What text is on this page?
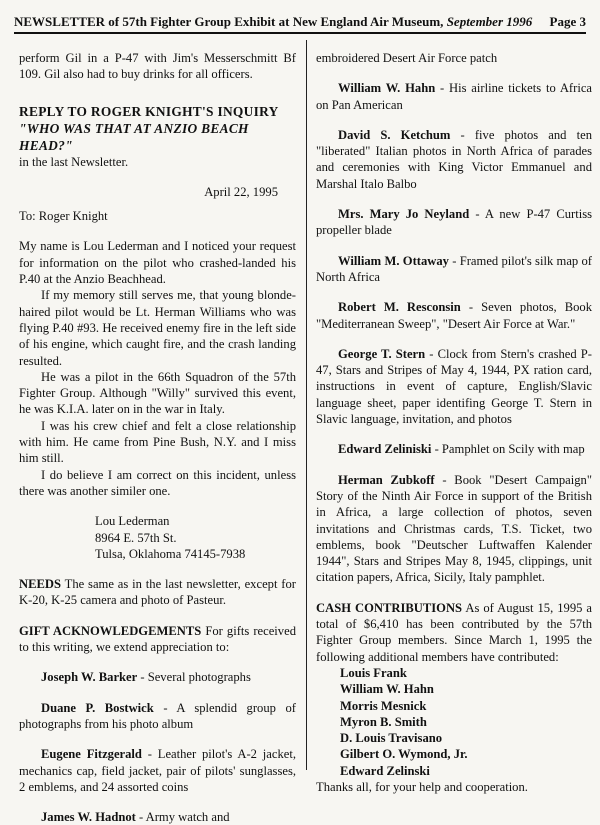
NEWSLETTER of 57th Fighter Group Exhibit at New England Air Museum, September 1996 Page 3

perform Gil in a P-47 with Jim's Messerschmitt Bf 109. Gil also had to buy drinks for all officers.

REPLY TO ROGER KNIGHT'S INQUIRY

"WHO WAS THAT AT ANZIO BEACH HEAD?"

in the last Newsletter.

April 22, 1995

To: Roger Knight

My name is Lou Lederman and I noticed your request for information on the pilot who crashed-landed his P.40 at the Anzio Beachhead.

If my memory still serves me, that young blonde-haired pilot would be Lt. Herman Williams who was flying P.40 #93. He received enemy fire in the left side of his engine, which caught fire, and the crash landing resulted.

He was a pilot in the 66th Squadron of the 57th Fighter Group. Although "Willy" survived this event, he was K.I.A. later on in the war in Italy.

I was his crew chief and felt a close relationship with him. He came from Pine Bush, N.Y. and I miss him still.

I do believe I am correct on this incident, unless there was another similer one.

Lou Lederman

8964 E. 57th St.

Tulsa, Oklahoma 74145-7938

NEEDS The same as in the last newsletter, except for K-20, K-25 camera and photo of Pasteur.

GIFT ACKNOWLEDGEMENTS For gifts received to this writing, we extend appreciation to:

Joseph W. Barker - Several photographs

Duane P. Bostwick - A splendid group of photographs from his photo album

Eugene Fitzgerald - Leather pilot's A-2 jacket, mechanics cap, field jacket, pair of pilots' sunglasses, 2 emblems, and 24 assorted coins

James W. Hadnot - Army watch and

embroidered Desert Air Force patch

William W. Hahn - His airline tickets to Africa on Pan American

David S. Ketchum - five photos and ten "liberated" Italian photos in North Africa of parades and ceremonies with King Victor Emmanuel and Marshal Italo Balbo

Mrs. Mary Jo Neyland - A new P-47 Curtiss propeller blade

William M. Ottaway - Framed pilot's silk map of North Africa

Robert M. Resconsin - Seven photos, Book "Mediterranean Sweep", "Desert Air Force at War."

George T. Stern - Clock from Stern's crashed P-47, Stars and Stripes of May 4, 1944, PX ration card, instructions in event of capture, English/Slavic language sheet, paper identifing George T. Stern in Slavic language, invitation, and photos

Edward Zeliniski - Pamphlet on Scily with map

Herman Zubkoff - Book "Desert Campaign" Story of the Ninth Air Force in support of the British in Africa, a large collection of photos, seven invitations and Christmas cards, T.S. Ticket, two emblems, book "Deutscher Luftwaffen Kalender 1944", Stars and Stripes May 8, 1945, clippings, unit citation papers, Africa, Sicily, Italy pamphlet.

CASH CONTRIBUTIONS As of August 15, 1995 a total of $6,410 has been contributed by the 57th Fighter Group members. Since March 1, 1995 the following additional members have contributed:

Louis Frank

William W. Hahn

Morris Mesnick

Myron B. Smith

D. Louis Travisano

Gilbert O. Wymond, Jr.

Edward Zelinski

Thanks all, for your help and cooperation.
